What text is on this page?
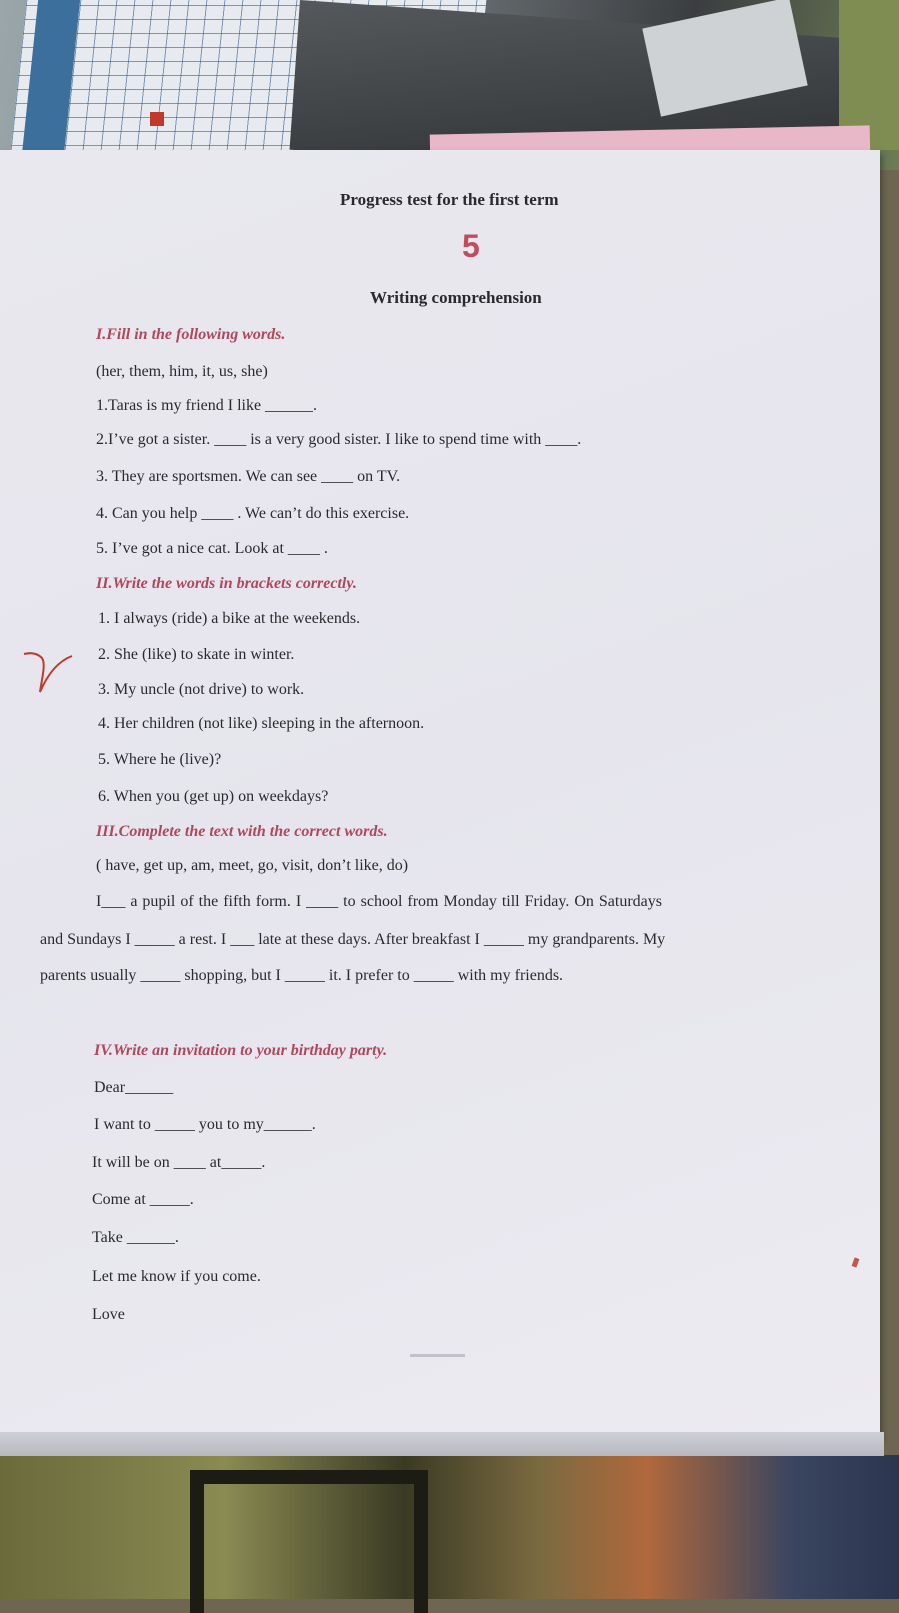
Progress test for the first term
5
Writing comprehension
I.Fill in the following words.
(her, them, him, it, us, she)
1.Taras is my friend I like ______.
2.I’ve got a sister. ____ is a very good sister. I like to spend time with ____.
3. They are sportsmen. We can see ____ on TV.
4. Can you help ____ . We can’t do this exercise.
5. I’ve got a nice cat. Look at ____ .
II.Write the words in brackets correctly.
1. I always (ride) a bike at the weekends.
2. She (like) to skate in winter.
3. My uncle (not drive) to work.
4. Her children (not like) sleeping in the afternoon.
5. Where he (live)?
6. When you (get up) on weekdays?
III.Complete the text with the correct words.
( have, get up, am, meet, go, visit, don’t like, do)
I___ a pupil of the fifth form. I ____ to school from Monday till Friday. On Saturdays
and Sundays I _____ a rest. I ___ late at these days. After breakfast I _____ my grandparents. My
parents usually _____ shopping, but I _____ it. I prefer to _____ with my friends.
IV.Write an invitation to your birthday party.
Dear______
I want to _____ you to my______.
It will be on ____ at_____.
Come at _____.
Take ______.
Let me know if you come.
Love
